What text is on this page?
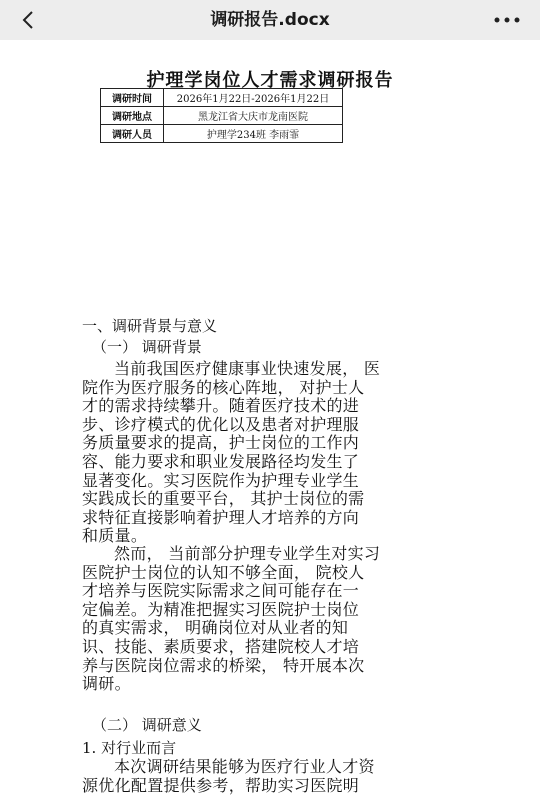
调研报告.docx
护理学岗位人才需求调研报告
调研时间	2026年1月22日-2026年1月22日
调研地点	黑龙江省大庆市龙南医院
调研人员	护理学234班 李雨霏
一、调研背景与意义
（一） 调研背景
当前我国医疗健康事业快速发展， 医
院作为医疗服务的核心阵地， 对护士人
才的需求持续攀升。随着医疗技术的进
步、诊疗模式的优化以及患者对护理服
务质量要求的提高，护士岗位的工作内
容、能力要求和职业发展路径均发生了
显著变化。实习医院作为护理专业学生
实践成长的重要平台， 其护士岗位的需
求特征直接影响着护理人才培养的方向
和质量。
然而， 当前部分护理专业学生对实习
医院护士岗位的认知不够全面， 院校人
才培养与医院实际需求之间可能存在一
定偏差。为精准把握实习医院护士岗位
的真实需求， 明确岗位对从业者的知
识、技能、素质要求，搭建院校人才培
养与医院岗位需求的桥梁， 特开展本次
调研。
（二） 调研意义
1. 对行业而言
本次调研结果能够为医疗行业人才资
源优化配置提供参考，帮助实习医院明
